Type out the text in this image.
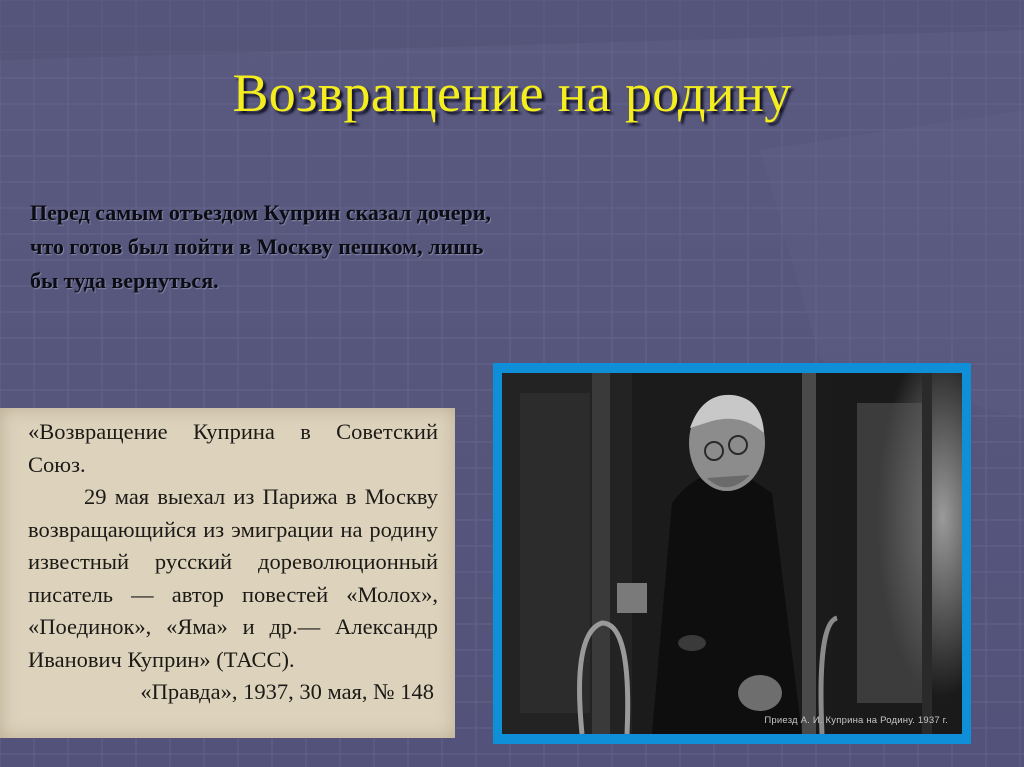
Возвращение на родину
Перед самым отъездом Куприн сказал дочери, что готов был пойти в Москву пешком, лишь бы туда вернуться.

«Возвращение Куприна в Советский Союз.

29 мая выехал из Парижа в Москву возвращающийся из эмиграции на родину известный русский дореволюционный писатель — автор повестей «Молох», «Поединок», «Яма» и др.— Александр Иванович Куприн» (ТАСС).

«Правда», 1937, 30 мая, № 148

Приезд А. И. Куприна на Родину. 1937 г.
